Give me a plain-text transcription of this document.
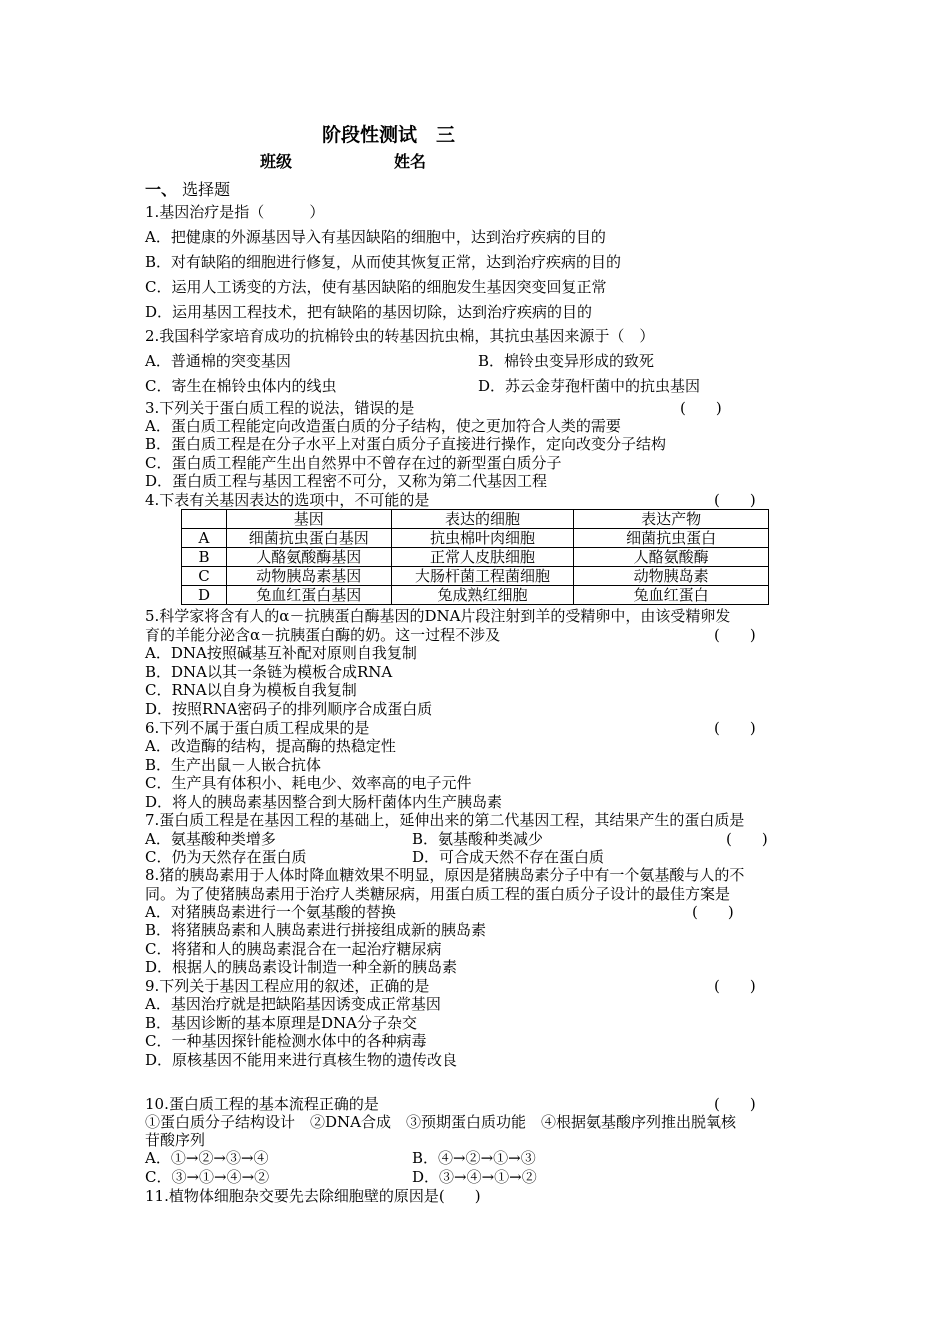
阶段性测试　三
班级	姓名
一、 选择题
1.基因治疗是指（　　　）
A．把健康的外源基因导入有基因缺陷的细胞中，达到治疗疾病的目的
B．对有缺陷的细胞进行修复，从而使其恢复正常，达到治疗疾病的目的
C．运用人工诱变的方法，使有基因缺陷的细胞发生基因突变回复正常
D．运用基因工程技术，把有缺陷的基因切除，达到治疗疾病的目的
2.我国科学家培育成功的抗棉铃虫的转基因抗虫棉，其抗虫基因来源于（　）
A．普通棉的突变基因	B．棉铃虫变异形成的致死
C．寄生在棉铃虫体内的线虫	D．苏云金芽孢杆菌中的抗虫基因
3.下列关于蛋白质工程的说法，错误的是	(　　)
A．蛋白质工程能定向改造蛋白质的分子结构，使之更加符合人类的需要
B．蛋白质工程是在分子水平上对蛋白质分子直接进行操作，定向改变分子结构
C．蛋白质工程能产生出自然界中不曾存在过的新型蛋白质分子
D．蛋白质工程与基因工程密不可分，又称为第二代基因工程
4.下表有关基因表达的选项中，不可能的是	(　　)
	基因	表达的细胞	表达产物
A	细菌抗虫蛋白基因	抗虫棉叶肉细胞	细菌抗虫蛋白
B	人酪氨酸酶基因	正常人皮肤细胞	人酪氨酸酶
C	动物胰岛素基因	大肠杆菌工程菌细胞	动物胰岛素
D	兔血红蛋白基因	兔成熟红细胞	兔血红蛋白
5.科学家将含有人的α－抗胰蛋白酶基因的DNA片段注射到羊的受精卵中，由该受精卵发
育的羊能分泌含α－抗胰蛋白酶的奶。这一过程不涉及	(　　)
A．DNA按照碱基互补配对原则自我复制
B．DNA以其一条链为模板合成RNA
C．RNA以自身为模板自我复制
D．按照RNA密码子的排列顺序合成蛋白质
6.下列不属于蛋白质工程成果的是	(　　)
A．改造酶的结构，提高酶的热稳定性
B．生产出鼠－人嵌合抗体
C．生产具有体积小、耗电少、效率高的电子元件
D．将人的胰岛素基因整合到大肠杆菌体内生产胰岛素
7.蛋白质工程是在基因工程的基础上，延伸出来的第二代基因工程，其结果产生的蛋白质是
A．氨基酸种类增多	B．氨基酸种类减少	(　　)
C．仍为天然存在蛋白质	D．可合成天然不存在蛋白质
8.猪的胰岛素用于人体时降血糖效果不明显，原因是猪胰岛素分子中有一个氨基酸与人的不
同。为了使猪胰岛素用于治疗人类糖尿病，用蛋白质工程的蛋白质分子设计的最佳方案是
A．对猪胰岛素进行一个氨基酸的替换	(　　)
B．将猪胰岛素和人胰岛素进行拼接组成新的胰岛素
C．将猪和人的胰岛素混合在一起治疗糖尿病
D．根据人的胰岛素设计制造一种全新的胰岛素
9.下列关于基因工程应用的叙述，正确的是	(　　)
A．基因治疗就是把缺陷基因诱变成正常基因
B．基因诊断的基本原理是DNA分子杂交
C．一种基因探针能检测水体中的各种病毒
D．原核基因不能用来进行真核生物的遗传改良
10.蛋白质工程的基本流程正确的是	(　　)
①蛋白质分子结构设计　②DNA合成　③预期蛋白质功能　④根据氨基酸序列推出脱氧核
苷酸序列
A．①→②→③→④	B．④→②→①→③
C．③→①→④→②	D．③→④→①→②
11.植物体细胞杂交要先去除细胞壁的原因是(　　)
